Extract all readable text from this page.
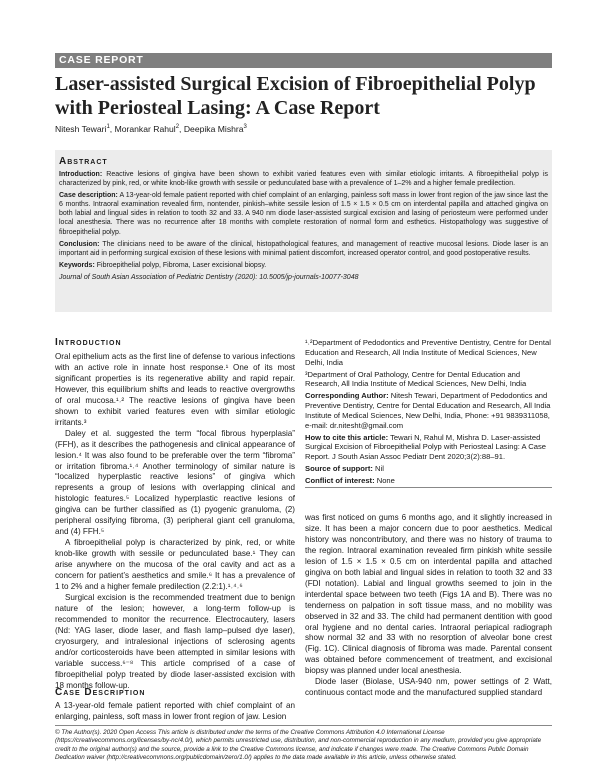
CASE REPORT
Laser-assisted Surgical Excision of Fibroepithelial Polyp with Periosteal Lasing: A Case Report
Nitesh Tewari$^1$, Morankar Rahul$^2$, Deepika Mishra$^3$
Abstract

Introduction: Reactive lesions of gingiva have been shown to exhibit varied features even with similar etiologic irritants. A fibroepithelial polyp is characterized by pink, red, or white knob-like growth with sessile or pedunculated base with a prevalence of 1–2% and a higher female predilection.

Case description: A 13-year-old female patient reported with chief complaint of an enlarging, painless soft mass in lower front region of the jaw since last the 6 months. Intraoral examination revealed firm, nontender, pinkish–white sessile lesion of 1.5 × 1.5 × 0.5 cm on interdental papilla and attached gingiva on both labial and lingual sides in relation to tooth 32 and 33. A 940 nm diode laser-assisted surgical excision and lasing of periosteum were performed under local anesthesia. There was no recurrence after 18 months with complete restoration of normal form and esthetics. Histopathology was suggestive of fibroepithelial polyp.

Conclusion: The clinicians need to be aware of the clinical, histopathological features, and management of reactive mucosal lesions. Diode laser is an important aid in performing surgical excision of these lesions with minimal patient discomfort, increased operator control, and good postoperative results.

Keywords: Fibroepithelial polyp, Fibroma, Laser excisional biopsy.

Journal of South Asian Association of Pediatric Dentistry (2020): 10.5005/jp-journals-10077-3048

Introduction

Oral epithelium acts as the first line of defense to various infections with an active role in innate host response.¹ One of its most significant properties is its regenerative ability and rapid repair. However, this equilibrium shifts and leads to reactive overgrowths of oral mucosa.¹˒² The reactive lesions of gingiva have been shown to exhibit varied features even with similar etiologic irritants.³

Daley et al. suggested the term “focal fibrous hyperplasia” (FFH), as it describes the pathogenesis and clinical appearance of lesion.⁴ It was also found to be preferable over the term “fibroma” or irritation fibroma.¹˒⁴ Another terminology of similar nature is “localized hyperplastic reactive lesions” of gingiva which represents a group of lesions with overlapping clinical and histologic features.⁵ Localized hyperplastic reactive lesions of gingiva can be further classified as (1) pyogenic granuloma, (2) peripheral ossifying fibroma, (3) peripheral giant cell granuloma, and (4) FFH.⁵

A fibroepithelial polyp is characterized by pink, red, or white knob-like growth with sessile or pedunculated base.¹ They can arise anywhere on the mucosa of the oral cavity and act as a concern for patient’s aesthetics and smile.⁶ It has a prevalence of 1 to 2% and a higher female predilection (2.2:1).¹˒⁴˒⁶

Surgical excision is the recommended treatment due to benign nature of the lesion; however, a long-term follow-up is recommended to monitor the recurrence. Electrocautery, lasers (Nd: YAG laser, diode laser, and flash lamp–pulsed dye laser), cryosurgery, and intralesional injections of sclerosing agents and/or corticosteroids have been attempted in similar lesions with variable success.⁶⁻⁸ This article comprised of a case of fibroepithelial polyp treated by diode laser-assisted excision with 18 months follow-up.

Case Description

A 13-year-old female patient reported with chief complaint of an enlarging, painless, soft mass in lower front region of jaw. Lesion

¹˒²Department of Pedodontics and Preventive Dentistry, Centre for Dental Education and Research, All India Institute of Medical Sciences, New Delhi, India

³Department of Oral Pathology, Centre for Dental Education and Research, All India Institute of Medical Sciences, New Delhi, India

Corresponding Author: Nitesh Tewari, Department of Pedodontics and Preventive Dentistry, Centre for Dental Education and Research, All India Institute of Medical Sciences, New Delhi, India, Phone: +91 9839311058, e-mail: dr.nitesht@gmail.com

How to cite this article: Tewari N, Rahul M, Mishra D. Laser-assisted Surgical Excision of Fibroepithelial Polyp with Periosteal Lasing: A Case Report. J South Asian Assoc Pediatr Dent 2020;3(2):88–91.

Source of support: Nil

Conflict of interest: None

was first noticed on gums 6 months ago, and it slightly increased in size. It has been a major concern due to poor aesthetics. Medical history was noncontributory, and there was no history of trauma to the region. Intraoral examination revealed firm pinkish white sessile lesion of 1.5 × 1.5 × 0.5 cm on interdental papilla and attached gingiva on both labial and lingual sides in relation to tooth 32 and 33 (FDI notation). Labial and lingual growths seemed to join in the interdental space between two teeth (Figs 1A and B). There was no tenderness on palpation in soft tissue mass, and no mobility was observed in 32 and 33. The child had permanent dentition with good oral hygiene and no dental caries. Intraoral periapical radiograph show normal 32 and 33 with no resorption of alveolar bone crest (Fig. 1C). Clinical diagnosis of fibroma was made. Parental consent was obtained before commencement of treatment, and excisional biopsy was planned under local anesthesia.

Diode laser (Biolase, USA-940 nm, power settings of 2 Watt, continuous contact mode and the manufactured supplied standard

© The Author(s). 2020 Open Access This article is distributed under the terms of the Creative Commons Attribution 4.0 International License (https://creativecommons.org/licenses/by-nc/4.0/), which permits unrestricted use, distribution, and non-commercial reproduction in any medium, provided you give appropriate credit to the original author(s) and the source, provide a link to the Creative Commons license, and indicate if changes were made. The Creative Commons Public Domain Dedication waiver (http://creativecommons.org/publicdomain/zero/1.0/) applies to the data made available in this article, unless otherwise stated.
